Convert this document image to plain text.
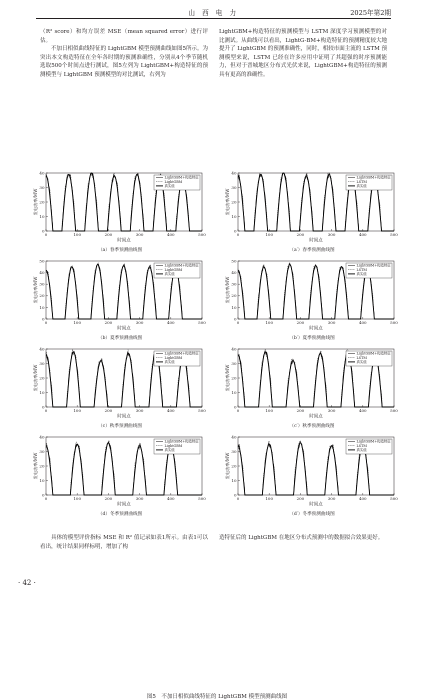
山 西 电 力	2025年第2期

（R² score）和均方误差 MSE（mean squared error）进行评估。

不加日相似曲线特征的 LightGBM 模型预测曲线如图5所示。为突出本文构造特征在全年各时期的预测准确性，分别从4个季节随机选取500个时间点进行测试，图5左列为 LightGBM+构造特征的预测模型与 LightGBM 预测模型的对比测试，右列为

LightGBM+构造特征的预测模型与 LSTM 深度学习预测模型的对比测试。从曲线可以看出，LightG-BM+构造特征的预测精度较大地提升了 LightGBM 的预测准确性，同时，相较市面主流的 LSTM 预测模型来说，LSTM 已经在许多应用中证明了其超强的时序预测能力，但对于晋城地区分布式光伏来说，LightGBM+构造特征的预测具有更高的准确性。

图5　不加日相似曲线特征的 LightGBM 模型预测曲线图
0
10
20
30
40
0	100	200	300	400	500
时间点
发电功率/MW
LightGBM+构造特征
LightGBM
真实值
（a）春季预测曲线图
0
10
20
30
40
0	100	200	300	400	500
时间点
发电功率/MW
LightGBM+构造特征
LSTM
真实值
（a′）春季预测曲线图
0
10
20
30
40
50
0	100	200	300	400	500
时间点
发电功率/MW
LightGBM+构造特征
LightGBM
真实值
（b）夏季预测曲线图
0
10
20
30
40
50
0	100	200	300	400	500
时间点
发电功率/MW
LightGBM+构造特征
LSTM
真实值
（b′）夏季预测曲线图
0
10
20
30
40
0	100	200	300	400	500
时间点
发电功率/MW
LightGBM+构造特征
LightGBM
真实值
（c）秋季预测曲线图
0
10
20
30
40
0	100	200	300	400	500
时间点
发电功率/MW
LightGBM+构造特征
LSTM
真实值
（c′）秋季预测曲线图
0
10
20
30
40
0	100	200	300	400	500
时间点
发电功率/MW
LightGBM+构造特征
LightGBM
真实值
（d）冬季预测曲线图
0
10
20
30
40
0	100	200	300	400	500
时间点
发电功率/MW
LightGBM+构造特征
LSTM
真实值
（d′）冬季预测曲线图

具体的模型评价指标 MSE 和 R² 值记录如表1所示。由表1可以看出，统计结果同样标明，增加了构

造特征后的 LightGBM 在地区分布式预测中的数据拟合效果更好。

· 42 ·
